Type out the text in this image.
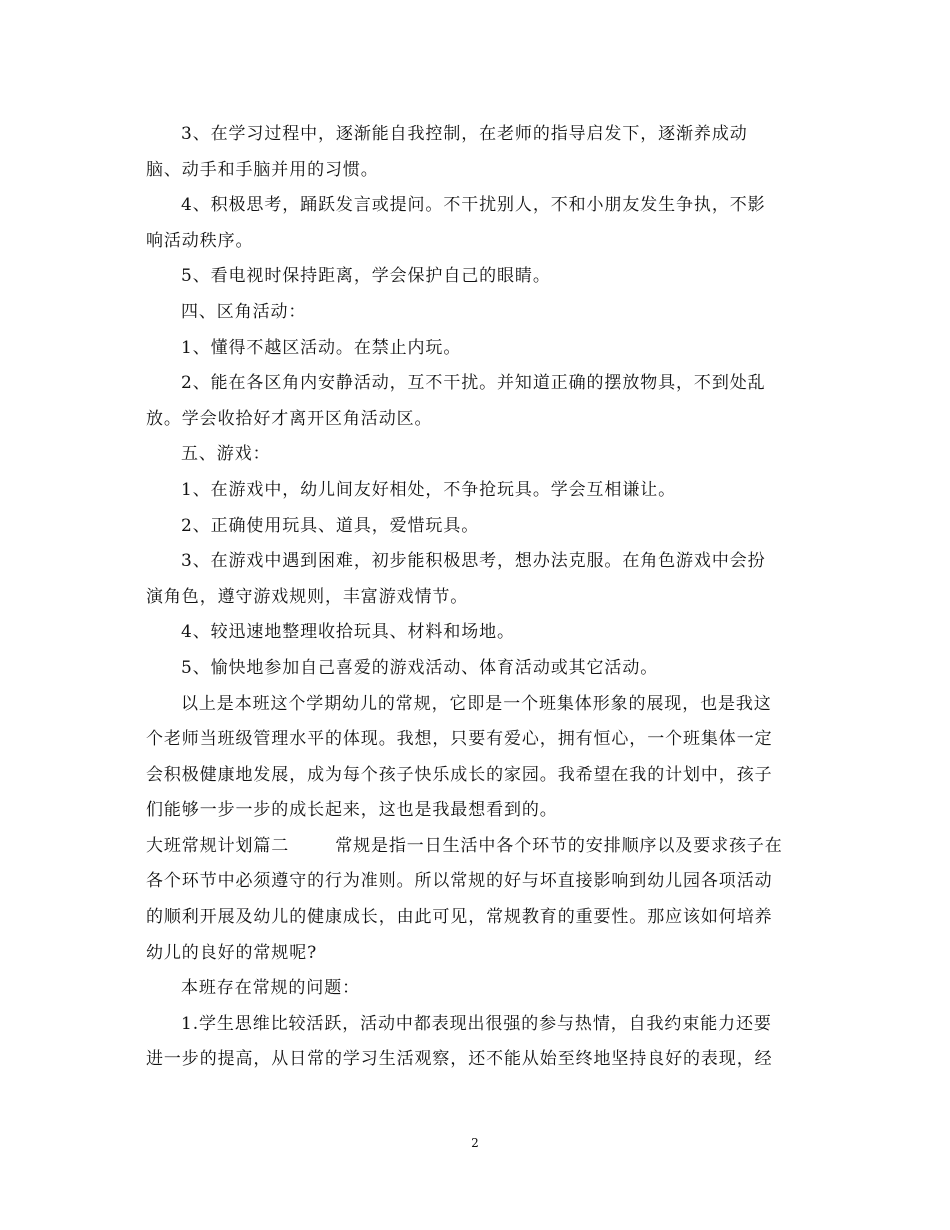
3、在学习过程中，逐渐能自我控制，在老师的指导启发下，逐渐养成动
脑、动手和手脑并用的习惯。
4、积极思考，踊跃发言或提问。不干扰别人，不和小朋友发生争执，不影
响活动秩序。
5、看电视时保持距离，学会保护自己的眼睛。
四、区角活动：
1、懂得不越区活动。在禁止内玩。
2、能在各区角内安静活动，互不干扰。并知道正确的摆放物具，不到处乱
放。学会收拾好才离开区角活动区。
五、游戏：
1、在游戏中，幼儿间友好相处，不争抢玩具。学会互相谦让。
2、正确使用玩具、道具，爱惜玩具。
3、在游戏中遇到困难，初步能积极思考，想办法克服。在角色游戏中会扮
演角色，遵守游戏规则，丰富游戏情节。
4、较迅速地整理收拾玩具、材料和场地。
5、愉快地参加自己喜爱的游戏活动、体育活动或其它活动。
以上是本班这个学期幼儿的常规，它即是一个班集体形象的展现，也是我这
个老师当班级管理水平的体现。我想，只要有爱心，拥有恒心，一个班集体一定
会积极健康地发展，成为每个孩子快乐成长的家园。我希望在我的计划中，孩子
们能够一步一步的成长起来，这也是我最想看到的。
大班常规计划篇二	常规是指一日生活中各个环节的安排顺序以及要求孩子在
各个环节中必须遵守的行为准则。所以常规的好与坏直接影响到幼儿园各项活动
的顺利开展及幼儿的健康成长，由此可见，常规教育的重要性。那应该如何培养
幼儿的良好的常规呢?
本班存在常规的问题：
1.学生思维比较活跃，活动中都表现出很强的参与热情，自我约束能力还要
进一步的提高，从日常的学习生活观察，还不能从始至终地坚持良好的表现，经
2
